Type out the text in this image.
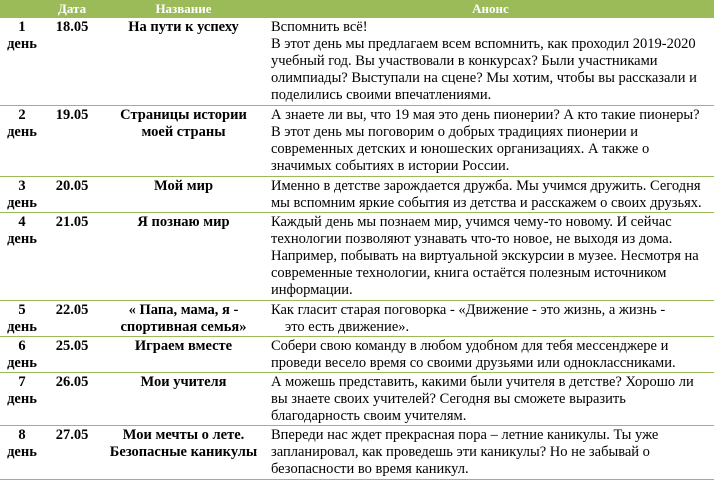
	Дата	Название	Анонс

1
день	18.05	На пути к успеху	Вспомнить всё!
В этот день мы предлагаем всем вспомнить, как проходил 2019-2020 учебный год. Вы участвовали в конкурсах? Были участниками олимпиады? Выступали на сцене? Мы хотим, чтобы вы рассказали и поделились своими впечатлениями.

2
день	19.05	Страницы истории моей страны	А знаете ли вы, что 19 мая это день пионерии? А кто такие пионеры? В этот день мы поговорим о добрых традициях пионерии и современных детских и юношеских организациях. А также о значимых событиях в истории России.

3
день	20.05	Мой мир	Именно в детстве зарождается дружба. Мы учимся дружить. Сегодня мы вспомним яркие события из детства и расскажем о своих друзьях.

4
день	21.05	Я познаю мир	Каждый день мы познаем мир, учимся чему-то новому. И сейчас технологии позволяют узнавать что-то новое, не выходя из дома. Например, побывать на виртуальной экскурсии в музее. Несмотря на современные технологии, книга остаётся полезным источником информации.

5
день	22.05	« Папа, мама, я - спортивная семья»	Как гласит старая поговорка - «Движение - это жизнь, а жизнь -
это есть движение».

6
день	25.05	Играем вместе	Собери свою команду в любом удобном для тебя мессенджере и проведи весело время со своими друзьями или одноклассниками.

7
день	26.05	Мои учителя	А можешь представить, какими были учителя в детстве? Хорошо ли вы знаете своих учителей? Сегодня вы сможете выразить благодарность своим учителям.

8
день	27.05	Мои мечты о лете. Безопасные каникулы	Впереди нас ждет прекрасная пора – летние каникулы. Ты уже запланировал, как проведешь эти каникулы? Но не забывай о безопасности во время каникул.
